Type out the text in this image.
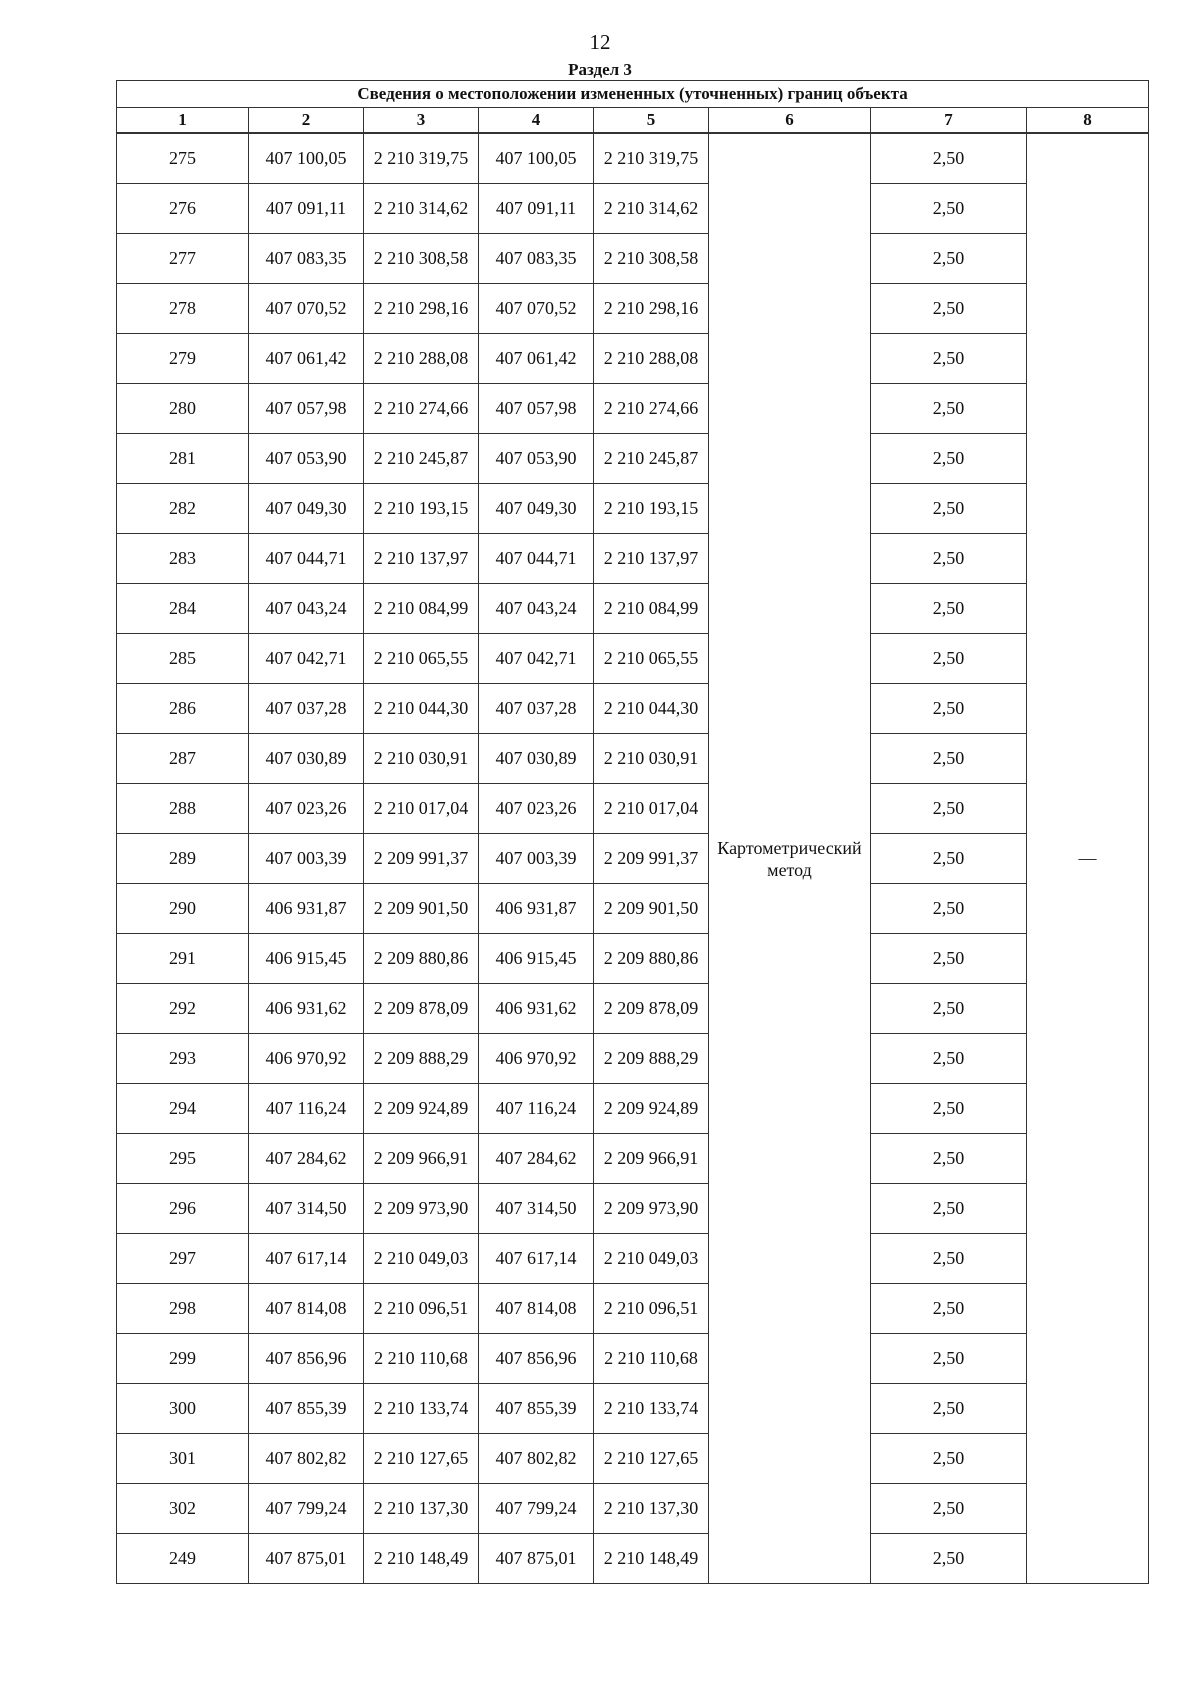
12
Раздел 3
Сведения о местоположении измененных (уточненных) границ объекта							
1	2	3	4	5	6	7	8
275	407 100,05	2 210 319,75	407 100,05	2 210 319,75	Картометрический метод	2,50	—
276	407 091,11	2 210 314,62	407 091,11	2 210 314,62		2,50	
277	407 083,35	2 210 308,58	407 083,35	2 210 308,58		2,50	
278	407 070,52	2 210 298,16	407 070,52	2 210 298,16		2,50	
279	407 061,42	2 210 288,08	407 061,42	2 210 288,08		2,50	
280	407 057,98	2 210 274,66	407 057,98	2 210 274,66		2,50	
281	407 053,90	2 210 245,87	407 053,90	2 210 245,87		2,50	
282	407 049,30	2 210 193,15	407 049,30	2 210 193,15		2,50	
283	407 044,71	2 210 137,97	407 044,71	2 210 137,97		2,50	
284	407 043,24	2 210 084,99	407 043,24	2 210 084,99		2,50	
285	407 042,71	2 210 065,55	407 042,71	2 210 065,55		2,50	
286	407 037,28	2 210 044,30	407 037,28	2 210 044,30		2,50	
287	407 030,89	2 210 030,91	407 030,89	2 210 030,91		2,50	
288	407 023,26	2 210 017,04	407 023,26	2 210 017,04		2,50	
289	407 003,39	2 209 991,37	407 003,39	2 209 991,37		2,50	
290	406 931,87	2 209 901,50	406 931,87	2 209 901,50		2,50	
291	406 915,45	2 209 880,86	406 915,45	2 209 880,86		2,50	
292	406 931,62	2 209 878,09	406 931,62	2 209 878,09		2,50	
293	406 970,92	2 209 888,29	406 970,92	2 209 888,29		2,50	
294	407 116,24	2 209 924,89	407 116,24	2 209 924,89		2,50	
295	407 284,62	2 209 966,91	407 284,62	2 209 966,91		2,50	
296	407 314,50	2 209 973,90	407 314,50	2 209 973,90		2,50	
297	407 617,14	2 210 049,03	407 617,14	2 210 049,03		2,50	
298	407 814,08	2 210 096,51	407 814,08	2 210 096,51		2,50	
299	407 856,96	2 210 110,68	407 856,96	2 210 110,68		2,50	
300	407 855,39	2 210 133,74	407 855,39	2 210 133,74		2,50	
301	407 802,82	2 210 127,65	407 802,82	2 210 127,65		2,50	
302	407 799,24	2 210 137,30	407 799,24	2 210 137,30		2,50	
249	407 875,01	2 210 148,49	407 875,01	2 210 148,49		2,50	
